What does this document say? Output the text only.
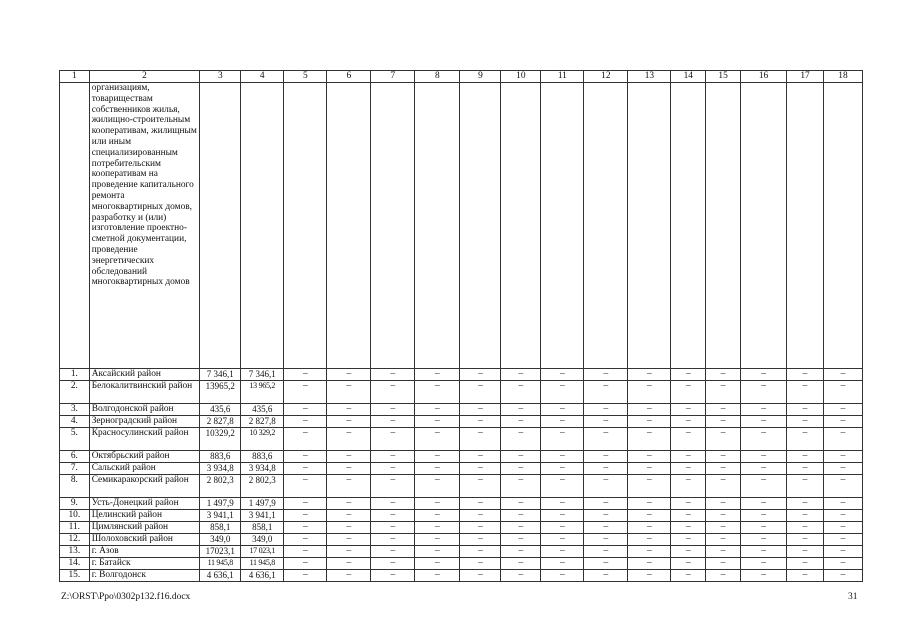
1	2	3	4	5	6	7	8	9	10	11	12	13	14	15	16	17	18
	организациям, товариществам собственников жилья, жилищно-строительным кооперативам, жилищным или иным специализированным потребительским кооперативам на проведение капитального ремонта многоквартирных домов, разработку и (или) изготовление проектно-сметной документации, проведение энергетических обследований многоквартирных домов																
1.	Аксайский район	7 346,1	7 346,1	–	–	–	–	–	–	–	–	–	–	–	–	–	–
2.	Белокалитвинский район	13965,2	13 965,2	–	–	–	–	–	–	–	–	–	–	–	–	–	–
3.	Волгодонской район	435,6	435,6	–	–	–	–	–	–	–	–	–	–	–	–	–	–
4.	Зерноградский район	2 827,8	2 827,8	–	–	–	–	–	–	–	–	–	–	–	–	–	–
5.	Красносулинский район	10329,2	10 329,2	–	–	–	–	–	–	–	–	–	–	–	–	–	–
6.	Октябрьский район	883,6	883,6	–	–	–	–	–	–	–	–	–	–	–	–	–	–
7.	Сальский район	3 934,8	3 934,8	–	–	–	–	–	–	–	–	–	–	–	–	–	–
8.	Семикаракорский район	2 802,3	2 802,3	–	–	–	–	–	–	–	–	–	–	–	–	–	–
9.	Усть-Донецкий район	1 497,9	1 497,9	–	–	–	–	–	–	–	–	–	–	–	–	–	–
10.	Целинский район	3 941,1	3 941,1	–	–	–	–	–	–	–	–	–	–	–	–	–	–
11.	Цимлянский район	858,1	858,1	–	–	–	–	–	–	–	–	–	–	–	–	–	–
12.	Шолоховский район	349,0	349,0	–	–	–	–	–	–	–	–	–	–	–	–	–	–
13.	г. Азов	17023,1	17 023,1	–	–	–	–	–	–	–	–	–	–	–	–	–	–
14.	г. Батайск	11 945,8	11 945,8	–	–	–	–	–	–	–	–	–	–	–	–	–	–
15.	г. Волгодонск	4 636,1	4 636,1	–	–	–	–	–	–	–	–	–	–	–	–	–	–
Z:\ORST\Ppo\0302p132.f16.docx	31
